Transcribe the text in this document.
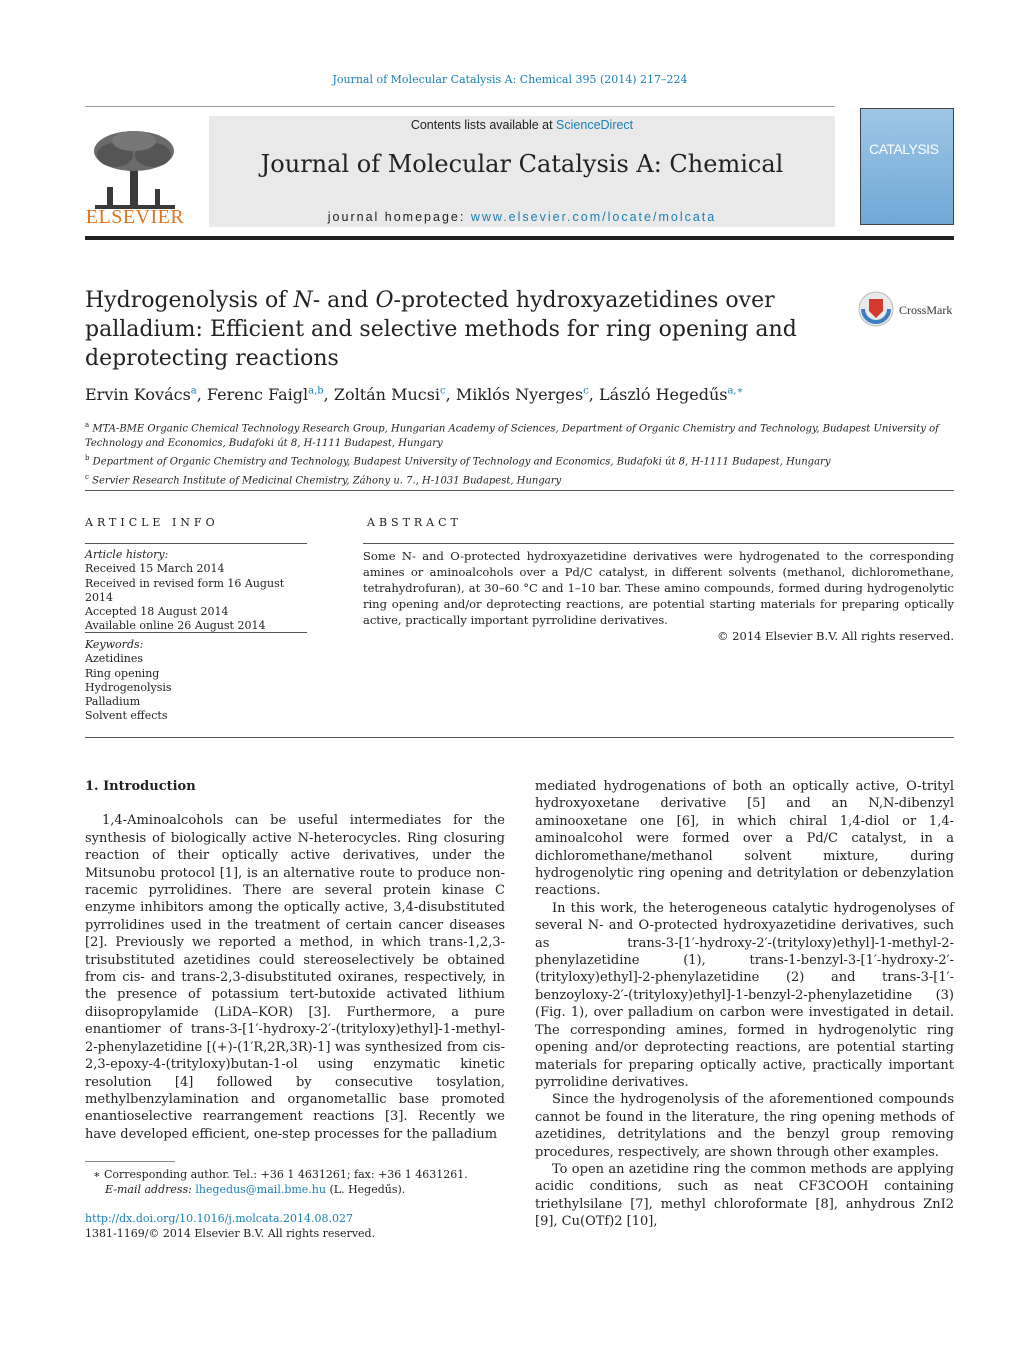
Journal of Molecular Catalysis A: Chemical 395 (2014) 217–224
ELSEVIER
Contents lists available at ScienceDirect
Journal of Molecular Catalysis A: Chemical
journal homepage: www.elsevier.com/locate/molcata
CATALYSIS
Hydrogenolysis of N- and O-protected hydroxyazetidines over palladium: Efficient and selective methods for ring opening and deprotecting reactions
CrossMark
Ervin Kovács$^a$, Ferenc Faigl$^{a,b}$, Zoltán Mucsi$^c$, Miklós Nyerges$^c$, László Hegedűs$^{a,∗}$
$^a$ MTA-BME Organic Chemical Technology Research Group, Hungarian Academy of Sciences, Department of Organic Chemistry and Technology, Budapest University of Technology and Economics, Budafoki út 8, H-1111 Budapest, Hungary
$^b$ Department of Organic Chemistry and Technology, Budapest University of Technology and Economics, Budafoki út 8, H-1111 Budapest, Hungary
$^c$ Servier Research Institute of Medicinal Chemistry, Záhony u. 7., H-1031 Budapest, Hungary
ARTICLE INFO
Article history:
Received 15 March 2014
Received in revised form 16 August 2014
Accepted 18 August 2014
Available online 26 August 2014
Keywords:
Azetidines
Ring opening
Hydrogenolysis
Palladium
Solvent effects
ABSTRACT
Some N- and O-protected hydroxyazetidine derivatives were hydrogenated to the corresponding amines or aminoalcohols over a Pd/C catalyst, in different solvents (methanol, dichloromethane, tetrahydrofuran), at 30–60 °C and 1–10 bar. These amino compounds, formed during hydrogenolytic ring opening and/or deprotecting reactions, are potential starting materials for preparing optically active, practically important pyrrolidine derivatives.
© 2014 Elsevier B.V. All rights reserved.

1. Introduction

1,4-Aminoalcohols can be useful intermediates for the synthesis of biologically active N-heterocycles. Ring closuring reaction of their optically active derivatives, under the Mitsunobu protocol [1], is an alternative route to produce non-racemic pyrrolidines. There are several protein kinase C enzyme inhibitors among the optically active, 3,4-disubstituted pyrrolidines used in the treatment of certain cancer diseases [2]. Previously we reported a method, in which trans-1,2,3-trisubstituted azetidines could stereoselectively be obtained from cis- and trans-2,3-disubstituted oxiranes, respectively, in the presence of potassium tert-butoxide activated lithium diisopropylamide (LiDA–KOR) [3]. Furthermore, a pure enantiomer of trans-3-[1′-hydroxy-2′-(trityloxy)ethyl]-1-methyl-2-phenylazetidine [(+)-(1′R,2R,3R)-1] was synthesized from cis-2,3-epoxy-4-(trityloxy)butan-1-ol using enzymatic kinetic resolution [4] followed by consecutive tosylation, methylbenzylamination and organometallic base promoted enantioselective rearrangement reactions [3]. Recently we have developed efficient, one-step processes for the palladium

mediated hydrogenations of both an optically active, O-trityl hydroxyoxetane derivative [5] and an N,N-dibenzyl aminooxetane one [6], in which chiral 1,4-diol or 1,4-aminoalcohol were formed over a Pd/C catalyst, in a dichloromethane/methanol solvent mixture, during hydrogenolytic ring opening and detritylation or debenzylation reactions.

In this work, the heterogeneous catalytic hydrogenolyses of several N- and O-protected hydroxyazetidine derivatives, such as trans-3-[1′-hydroxy-2′-(trityloxy)ethyl]-1-methyl-2-phenylazetidine (1), trans-1-benzyl-3-[1′-hydroxy-2′-(trityloxy)ethyl]-2-phenylazetidine (2) and trans-3-[1′-benzoyloxy-2′-(trityloxy)ethyl]-1-benzyl-2-phenylazetidine (3) (Fig. 1), over palladium on carbon were investigated in detail. The corresponding amines, formed in hydrogenolytic ring opening and/or deprotecting reactions, are potential starting materials for preparing optically active, practically important pyrrolidine derivatives.

Since the hydrogenolysis of the aforementioned compounds cannot be found in the literature, the ring opening methods of azetidines, detritylations and the benzyl group removing procedures, respectively, are shown through other examples.

To open an azetidine ring the common methods are applying acidic conditions, such as neat CF3COOH containing triethylsilane [7], methyl chloroformate [8], anhydrous ZnI2 [9], Cu(OTf)2 [10],

∗ Corresponding author. Tel.: +36 1 4631261; fax: +36 1 4631261.
E-mail address: lhegedus@mail.bme.hu (L. Hegedűs).
http://dx.doi.org/10.1016/j.molcata.2014.08.027
1381-1169/© 2014 Elsevier B.V. All rights reserved.
